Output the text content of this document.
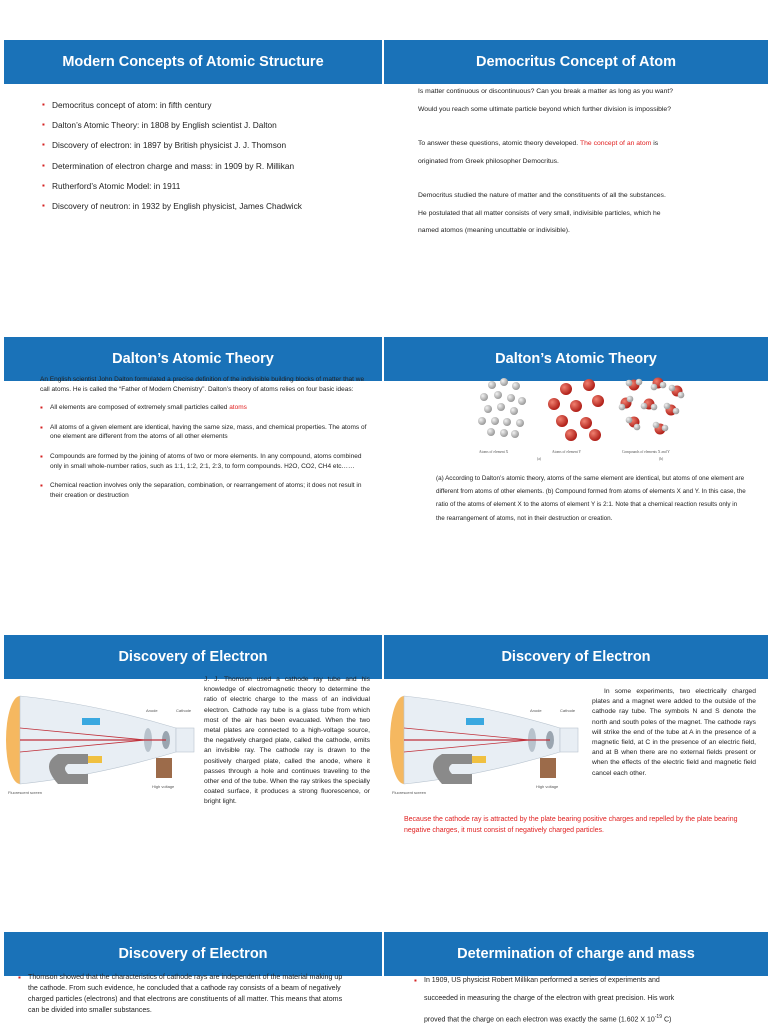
Modern Concepts of Atomic Structure
▪ Democritus concept of atom: in fifth century
▪ Dalton’s Atomic Theory: in 1808 by English scientist J. Dalton
▪ Discovery of electron: in 1897 by British physicist J. J. Thomson
▪ Determination of electron charge and mass: in 1909 by R. Millikan
▪ Rutherford’s Atomic Model: in 1911
▪ Discovery of neutron: in 1932 by English physicist, James Chadwick
Democritus Concept of Atom
Is matter continuous or discontinuous? Can you break a matter as long as you want?
Would you reach some ultimate particle beyond which further division is impossible?
To answer these questions, atomic theory developed. The concept of an atom is
originated from Greek philosopher Democritus.
Democritus studied the nature of matter and the constituents of all the substances.
He postulated that all matter consists of very small, indivisible particles, which he
named atomos (meaning uncuttable or indivisible).
Dalton’s Atomic Theory
An English scientist John Dalton formulated a precise definition of the indivisible building blocks of matter that we call atoms. He is called the “Father of Modern Chemistry”. Dalton’s theory of atoms relies on four basic ideas:
▪ All elements are composed of extremely small particles called atoms
▪ All atoms of a given element are identical, having the same size, mass, and chemical properties. The atoms of one element are different from the atoms of all other elements
▪ Compounds are formed by the joining of atoms of two or more elements. In any compound, atoms combined only in small whole-number ratios, such as 1:1, 1:2, 2:1, 2:3, to form compounds. H2O, CO2, CH4 etc……
▪ Chemical reaction involves only the separation, combination, or rearrangement of atoms; it does not result in their creation or destruction
Dalton’s Atomic Theory
Atoms of element X	Atoms of element Y	Compounds of elements X and Y
(a)	(b)
(a) According to Dalton’s atomic theory, atoms of the same element are identical, but atoms of one element are different from atoms of other elements. (b) Compound formed from atoms of elements X and Y. In this case, the ratio of the atoms of element X to the atoms of element Y is 2:1. Note that a chemical reaction results only in the rearrangement of atoms, not in their destruction or creation.
Discovery of Electron
Anode	Cathode
Fluorescent screen
High voltage
J. J. Thomson used a cathode ray tube and his knowledge of electromagnetic theory to determine the ratio of electric charge to the mass of an individual electron. Cathode ray tube is a glass tube from which most of the air has been evacuated. When the two metal plates are connected to a high-voltage source, the negatively charged plate, called the cathode, emits an invisible ray. The cathode ray is drawn to the positively charged plate, called the anode, where it passes through a hole and continues traveling to the other end of the tube. When the ray strikes the specially coated surface, it produces a strong fluorescence, or bright light.
Discovery of Electron
Anode	Cathode
Fluorescent screen
High voltage
In some experiments, two electrically charged plates and a magnet were added to the outside of the cathode ray tube. The symbols N and S denote the north and south poles of the magnet. The cathode rays will strike the end of the tube at A in the presence of a magnetic field, at C in the presence of an electric field, and at B when there are no external fields present or when the effects of the electric field and magnetic field cancel each other.
Because the cathode ray is attracted by the plate bearing positive charges and repelled by the plate bearing negative charges, it must consist of negatively charged particles.
Discovery of Electron
▪ Thomson showed that the characteristics of cathode rays are independent of the material making up the cathode. From such evidence, he concluded that a cathode ray consists of a beam of negatively charged particles (electrons) and that electrons are constituents of all matter. This means that atoms can be divided into smaller substances.
Determination of charge and mass
▪ In 1909, US physicist Robert Millikan performed a series of experiments and
succeeded in measuring the charge of the electron with great precision. His work
proved that the charge on each electron was exactly the same (1.602 X $10^{-19}$ C)
